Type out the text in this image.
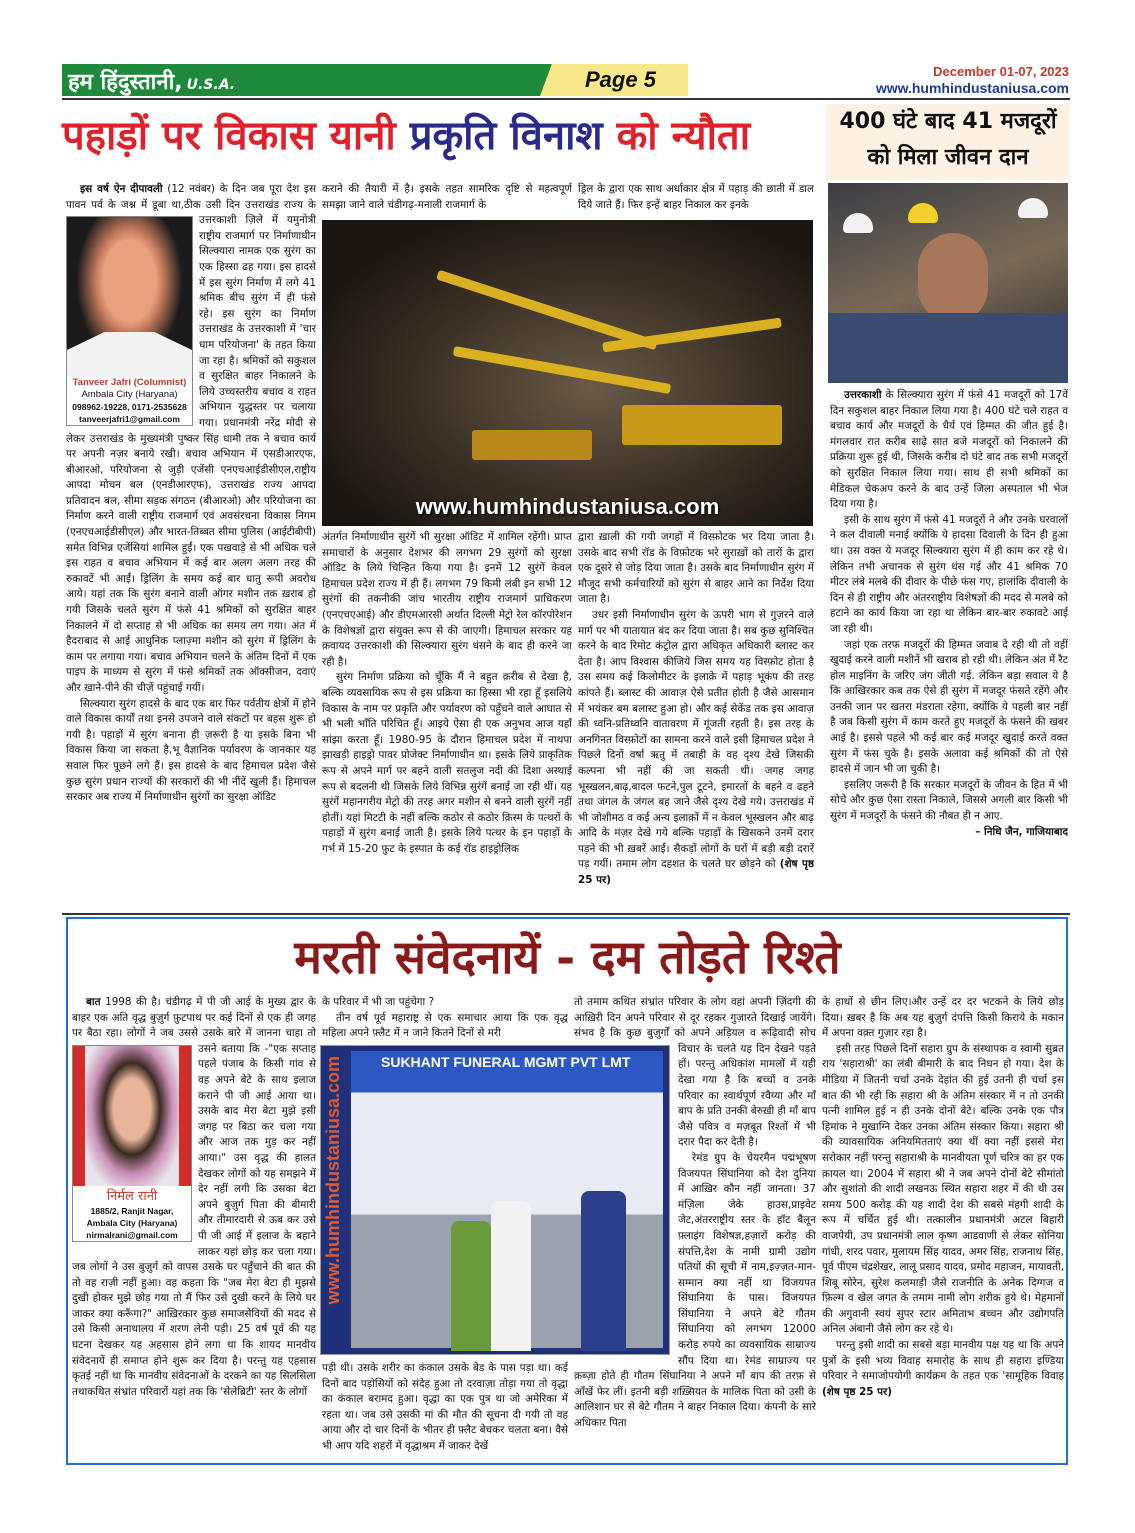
हम हिंदुस्तानी, U.S.A.	Page 5	December 01-07, 2023
www.humhindustaniusa.com
पहाड़ों पर विकास यानी प्रकृति विनाश को न्यौता
Tanveer Jafri (Columnist)
Ambala City (Haryana)
098962-19228, 0171-2535628
tanveerjafri1@gmail.com

इस वर्ष ऐन दीपावली (12 नवंबर) के दिन जब पूरा देश इस पावन पर्व के जश्न में डूबा था,ठीक उसी दिन उत्तराखंड राज्य के उत्तरकाशी ज़िले में यमुनोत्री राष्ट्रीय राजमार्ग पर निर्माणाधीन सिल्क्यारा नामक एक सुरंग का एक हिस्सा ढह गया। इस हादसे में इस सुरंग निर्माण में लगे 41 श्रमिक बीच सुरंग में ही फंसे रहे। इस सुरंग का निर्माण उत्तराखंड के उत्तरकाशी में 'चार धाम परियोजना' के तहत किया जा रहा है। श्रमिकों को सकुशल व सुरक्षित बाहर निकालने के लिये उच्चस्तरीय बचाव व राहत अभियान युद्धस्तर पर चलाया गया। प्रधानमंत्री नरेंद्र मोदी से लेकर उत्तराखंड के मुख्यमंत्री पुष्कर सिंह धामी तक ने बचाव कार्य पर अपनी नज़र बनाये रखी। बचाव अभियान में एसडीआरएफ, बीआरओ, परियोजना से जुड़ी एजेंसी एनएचआईडीसीएल,राष्ट्रीय आपदा मोचन बल (एनडीआरएफ), उत्तराखंड राज्य आपदा प्रतिवादन बल, सीमा सड़क संगठन (बीआरओ) और परियोजना का निर्माण करने वाली राष्ट्रीय राजमार्ग एवं अवसंरचना विकास निगम (एनएचआईडीसीएल) और भारत-तिब्बत सीमा पुलिस (आईटीबीपी) समेत विभिन्न एजेंसियां शामिल हुईं। एक पखवाड़े से भी अधिक चले इस राहत व बचाव अभियान में कई बार अलग अलग तरह की रुकावटें भी आईं। ड्रिलिंग के समय कई बार धातु रूपी अवरोध आये। यहां तक कि सुरंग बनाने वाली ऑगर मशीन तक ख़राब हो गयी जिसके चलते सुरंग में फंसे 41 श्रमिकों को सुरक्षित बाहर निकालने में दो सप्ताह से भी अधिक का समय लग गया। अंत में हैदराबाद से आई आधुनिक प्लाज़्मा मशीन को सुरंग में ड्रिलिंग के काम पर लगाया गया। बचाव अभियान चलने के अंतिम दिनों में एक पाइप के माध्यम से सुरंग में फंसे श्रमिकों तक ऑक्सीजन, दवाएं और खाने-पीने की चीज़ें पहुंचाई गयीं।

सिल्क्यारा सुरंग हादसे के बाद एक बार फिर पर्वतीय क्षेत्रों में होने वाले विकास कार्यों तथा इनसे उपजने वाले संकटों पर बहस शुरू हो गयी है। पहाड़ों में सुरंग बनाना ही ज़रूरी है या इसके बिना भी विकास किया जा सकता है,भू वैज्ञानिक पर्यावरण के जानकार यह सवाल फिर पूछने लगे हैं। इस हादसे के बाद हिमाचल प्रदेश जैसे कुछ सुरंग प्रधान राज्यों की सरकारों की भी नींदें खुली हैं। हिमाचल सरकार अब राज्य में निर्माणाधीन सुरंगों का सुरक्षा ऑडिट

कराने की तैयारी में है। इसके तहत सामरिक दृष्टि से महत्वपूर्ण समझा जाने वाले चंडीगढ़-मनाली राजमार्ग के
ड्रिल के द्वारा एक साथ अर्धाकार क्षेत्र में पहाड़ की छाती में डाल दिये जाते हैं। फिर इन्हें बाहर निकाल कर इनके
www.humhindustaniusa.com

अंतर्गत निर्माणाधीन सुरंगें भी सुरक्षा ऑडिट में शामिल रहेंगी। प्राप्त समाचारों के अनुसार देशभर की लगभग 29 सुरंगों को सुरक्षा ऑडिट के लिये चिन्हित किया गया है। इनमें 12 सुरंगें केवल हिमाचल प्रदेश राज्य में ही हैं। लगभग 79 किमी लंबी इन सभी 12 सुरंगों की तकनीकी जांच भारतीय राष्ट्रीय राजमार्ग प्राधिकरण (एनएचएआई) और डीएमआरसी अर्थात दिल्ली मेट्रो रेल कॉरपोरेशन के विशेषज्ञों द्वारा संयुक्त रूप से की जाएगी। हिमाचल सरकार यह क़वायद उत्तरकाशी की सिल्क्यारा सुरंग धंसने के बाद ही करने जा रही है।

सुरंग निर्माण प्रक्रिया को चूँकि मैं ने बहुत क़रीब से देखा है, बल्कि व्यवसायिक रूप से इस प्रक्रिया का हिस्सा भी रहा हूँ इसलिये विकास के नाम पर प्रकृति और पर्यावरण को पहुँचने वाले आघात से भी भली भाँति परिचित हूँ। आइये ऐसा ही एक अनुभव आज यहाँ सांझा करता हूँ। 1980-95 के दौरान हिमाचल प्रदेश में नाथपा झाखड़ी हाइड्रो पावर प्रोजेक्ट निर्माणाधीन था। इसके लिये प्राकृतिक रूप से अपने मार्ग पर बहने वाली सतलुज नदी की दिशा अस्थाई रूप से बदलनी थी जिसके लिये विभिन्न सुरंगें बनाई जा रही थीं। यह सुरंगें महानगरीय मेट्रो की तरह अगर मशीन से बनने वाली सुरंगें नहीं होतीं। यहां मिटटी के नहीं बल्कि कठोर से कठोर क़िस्म के पत्थरों के पहाड़ों में सुरंग बनाई जाती है। इसके लिये पत्थर के इन पहाड़ों के गर्भ में 15-20 फ़ुट के इस्पात के कई रॉड हाइड्रोलिक

द्वारा ख़ाली की गयी जगहों में विस्फ़ोटक भर दिया जाता है। उसके बाद सभी रॉड के विफ़ोटक भरे सुराख़ों को तारों के द्वारा एक दूसरे से जोड़ दिया जाता है। उसके बाद निर्माणाधीन सुरंग में मौजूद सभी कर्मचारियों को सुरंग से बाहर आने का निर्देश दिया जाता है।

उधर इसी निर्माणाधीन सुरंग के ऊपरी भाग से गुज़रने वाले मार्ग पर भी यातायात बंद कर दिया जाता है। सब कुछ सुनिश्चित करने के बाद रिमोट कंट्रोल द्वारा अधिकृत अधिकारी ब्लास्ट कर देता है। आप विश्वास कीजिये जिस समय यह विस्फ़ोट होता है उस समय कई किलोमीटर के इलाक़े में पहाड़ भूकंप की तरह कांपते हैं। ब्लास्ट की आवाज़ ऐसे प्रतीत होती है जैसे आसमान में भयंकर बम बलास्ट हुआ हो। और कई सेकेंड तक इस आवाज़ की ध्वनि-प्रतिध्वनि वातावरण में गूंजती रहती है। इस तरह के अनगिनत विस्फ़ोटों का सामना करने वाले इसी हिमाचल प्रदेश ने पिछले दिनों वर्षा ऋतु में तबाही के वह दृश्य देखे जिसकी कल्पना भी नहीं की जा सकती थी। जगह जगह भूस्खलन,बाढ़,बादल फटने,पुल टूटने, इमारतों के बहने व ढहने तथा जंगल के जंगल बह जाने जैसे दृश्य देखे गये। उत्तराखंड में भी जोशीमठ व कई अन्य इलाक़ों में न केवल भूस्खलन और बाढ़ आदि के मंज़र देखे गये बल्कि पहाड़ों के खिसकने उनमें दरार पड़ने की भी ख़बरें आईं। सैकड़ों लोगों के घरों में बड़ी बड़ी दरारें पड़ गयीं। तमाम लोग दहशत के चलते घर छोड़ने को (शेष पृष्ठ 25 पर)

400 घंटे बाद 41 मजदूरों को मिला जीवन दान

उत्तरकाशी के सिल्क्यारा सुरंग में फंसे 41 मजदूरों को 17वें दिन सकुशल बाहर निकाल लिया गया है। 400 घंटे चले राहत व बचाव कार्य और मजदूरों के धैर्य एवं हिम्मत की जीत हुई है। मंगलवार रात करीब साढ़े सात बजे मजदूरों को निकालने की प्रक्रिया शुरू हुई थी, जिसके करीब दो घंटे बाद तक सभी मजदूरों को सुरक्षित निकाल लिया गया। साथ ही सभी श्रमिकों का मेडिकल चेकअप करने के बाद उन्हें जिला अस्पताल भी भेज दिया गया है।

इसी के साथ सुरंग में फंसे 41 मजदूरों ने और उनके घरवालों ने कल दीवाली मनाई क्योंकि ये हादसा दिवाली के दिन ही हुआ था। उस वक्त ये मजदूर सिल्क्यारा सुरंग में ही काम कर रहे थे। लेकिन तभी अचानक से सुरंग धंस गई और 41 श्रमिक 70 मीटर लंबे मलबे की दीवार के पीछे फंस गए, हालांकि दीवाली के दिन से ही राष्ट्रीय और अंतरराष्ट्रीय विशेषज्ञों की मदद से मलबे को हटाने का कार्य किया जा रहा था लेकिन बार-बार रुकावटे आई जा रही थी।

जहां एक तरफ मजदूरों की हिम्मत जवाब दे रही थी तो वहीं खुदाई करने वाली मशीनें भी खराब हो रही थी। लेकिन अंत में रैट होल माइनिंग के जरिए जंग जीती गई. लेकिन बड़ा सवाल ये है कि आखिरकार कब तक ऐसे ही सुरंग में मजदूर फंसते रहेंगे और उनकी जान पर खतरा मंडराता रहेगा, क्योंकि ये पहली बार नहीं है जब किसी सुरंग में काम करते हुए मजदूरों के फंसने की खबर आई है। इससे पहले भी कई बार कई मजदूर खुदाई करते वक्त सुरंग में फंस चुके है। इसके अलावा कई श्रमिकों की तो ऐसे हादसे में जान भी जा चुकी है।

इसलिए जरूरी है कि सरकार मजदूरों के जीवन के हित में भी सोचे और कुछ ऐसा रास्ता निकाले, जिससे अगली बार किसी भी सुरंग में मजदूरों के फंसने की नौबत ही न आए.

– निधि जैन, गाजियाबाद

मरती संवेदनायें - दम तोड़ते रिश्ते
निर्मल रानी
1885/2, Ranjit Nagar,
Ambala City (Haryana)
nirmalrani@gmail.com

बात 1998 की है। चंडीगढ़ में पी जी आई के मुख्य द्वार के बाहर एक अति वृद्ध बुज़ुर्ग फ़ुटपाथ पर कई दिनों से एक ही जगह पर बैठा रहा। लोगों ने जब उससे उसके बारे में जानना चाहा तो उसने बताया कि -"एक सप्ताह पहले पंजाब के किसी गांव से वह अपने बेटे के साथ इलाज कराने पी जी आई आया था। उसके बाद मेरा बेटा मुझे इसी जगह पर बिठा कर चला गया और आज तक मुड़ कर नहीं आया।" उस वृद्ध की हालत देखकर लोगों को यह समझने में देर नहीं लगी कि उसका बेटा अपने बुज़ुर्ग पिता की बीमारी और तीमारदारी से ऊब कर उसे पी जी आई में इलाज के बहाने लाकर यहां छोड़ कर चला गया। जब लोगों ने उस बुज़ुर्ग को वापस उसके घर पहुँचाने की बात की तो वह राज़ी नहीं हुआ। वह कहता कि "जब मेरा बेटा ही मुझसे दुखी होकर मुझे छोड़ गया तो मैं फिर उसे दुखी करने के लिये घर जाकर क्या करूँगा?" आख़िरकार कुछ समाजसेवियों की मदद से उसे किसी अनाथालय में शरण लेनी पड़ी। 25 वर्ष पूर्व की यह घटना देखकर यह अहसास होने लगा था कि शायद मानवीय संवेदनायें ही समाप्त होने शुरू कर दिया है। परन्तु यह एहसास कृतई नहीं था कि मानवीय संवेदनाओं के दरकने का यह सिलसिला तथाकथित संभ्रांत परिवारों यहां तक कि 'सेलेब्रिटी' स्तर के लोगों

के परिवार में भी जा पहुंचेगा ?

तीन वर्ष पूर्व महाराष्ट्र से एक समाचार आया कि एक वृद्ध महिला अपने फ़्लैट में न जाने कितने दिनों से मरी

पड़ी थी। उसके शरीर का कंकाल उसके बेड के पास पड़ा था। कई दिनों बाद पड़ोसियों को संदेह हुआ तो दरवाज़ा तोड़ा गया तो वृद्धा का कंकाल बरामद हुआ। वृद्धा का एक पुत्र था जो अमेरिका में रहता था। जब उसे उसकी मां की मौत की सूचना दी गयी तो वह आया और दो चार दिनों के भीतर ही फ़्लैट बेचकर चलता बना। वैसे भी आप यदि शहरों में वृद्धाश्रम में जाकर देखें

SUKHANT FUNERAL MGMT PVT LMT
www.humhindustaniusa.com

तो तमाम कथित संभ्रांत परिवार के लोग वहां अपनी ज़िंदगी की आख़िरी दिन अपने परिवार से दूर रहकर गुज़ारते दिखाई जायेंगे। संभव है कि कुछ बुज़ुर्गों को अपने अड़ियल व रूढ़िवादी सोच विचार के चलते यह दिन देखने पड़ते हों। परन्तु अधिकांश मामलों में यही देखा गया है कि बच्चों व उनके परिवार का स्वार्थपूर्ण रवैय्या और माँ बाप के प्रति उनकी बेरुख़ी ही माँ बाप जैसे पवित्र व मज़बूत रिश्तों में भी दरार पैदा कर देती है।

रेमंड ग्रुप के चेयरमैन पद्मभूषण विजयपत सिंघानिया को देश दुनिया में आख़िर कौन नहीं जानता। 37 मंज़िला जेके हाउस,प्राइवेट जेट,अंतरराष्ट्रीय स्तर के हॉट बैलून फ़्लाइंग विशेषज्ञ,हज़ारों करोड़ की संपत्ति,देश के नामी ग्रामी उद्योग पतियों की सूची में नाम,इज़्ज़त-मान-सम्मान क्या नहीं था विजयपत सिंघानिया के पास। विजयपत सिंघानिया ने अपने बेटे गौतम सिंघानिया को लगभग 12000 करोड़ रुपये का व्यवसायिक साम्राज्य सौंप दिया था। रेमंड साम्राज्य पर क़ब्ज़ा होते ही गौतम सिंघानिया ने अपने माँ बाप की तरफ़ से आँखें फेर लीं। इतनी बड़ी शख़्सियत के मालिक पिता को उसी के आलिशान घर से बेटे गौतम ने बाहर निकाल दिया। कंपनी के सारे अधिकार पिता

के हाथों से छीन लिए।और उन्हें दर दर भटकने के लिये छोड़ दिया। ख़बर है कि अब यह बुज़ुर्ग दंपत्ति किसी किराये के मकान में अपना वक़्त गुज़ार रहा है।

इसी तरह पिछले दिनों सहारा ग्रुप के संस्थापक व स्वामी सुब्रत राय 'सहाराश्री' का लंबी बीमारी के बाद निधन हो गया। देश के मीडिया में जितनी चर्चा उनके देहांत की हुई उतनी ही चर्चा इस बात की भी रही कि सहारा श्री के अंतिम संस्कार में न तो उनकी पत्नी शामिल हुई न ही उनके दोनों बेटे। बल्कि उनके एक पौत्र हिमांक ने मुखाग्नि देकर उनका अंतिम संस्कार किया। सहारा श्री की व्यावसायिक अनियमितताएं क्या थीं क्या नहीं इससे मेरा सरोकार नहीं परन्तु सहाराश्री के मानवीयता पूर्ण चरित्र का हर एक क़ायल था। 2004 में सहारा श्री ने जब अपने दोनों बेटे सीमांतो और सुशांतो की शादी लखनऊ स्थित सहारा शहर में की थी उस समय 500 करोड़ की यह शादी देश की सबसे मंहगी शादी के रूप में चर्चित हुई थी। तत्कालीन प्रधानमंत्री अटल बिहारी वाजपेयी, उप प्रधानमंत्री लाल कृष्ण आडवाणी से लेकर सोनिया गांधी, शरद पवार, मुलायम सिंह यादव, अमर सिंह, राजनाथ सिंह, पूर्व पीएम चंद्रशेखर, लालू प्रसाद यादव, प्रमोद महाजन, मायावती, शिबू सोरेन, सुरेश कलमाड़ी जैसे राजनीति के अनेक दिग्गज व फ़िल्म व खेल जगत के तमाम नामी लोग शरीक हुये थे। मेहमानों की अगुवानी स्वयं सुपर स्टार अमिताभ बच्चन और उद्योगपति अनिल अंबानी जैसे लोग कर रहे थे।

परन्तु इसी शादी का सबसे बड़ा मानवीय पक्ष यह था कि अपने पुत्रों के इसी भव्य विवाह समारोह के साथ ही सहारा इण्डिया परिवार ने समाजोपयोगी कार्यक्रम के तहत एक 'सामूहिक विवाह (शेष पृष्ठ 25 पर)
